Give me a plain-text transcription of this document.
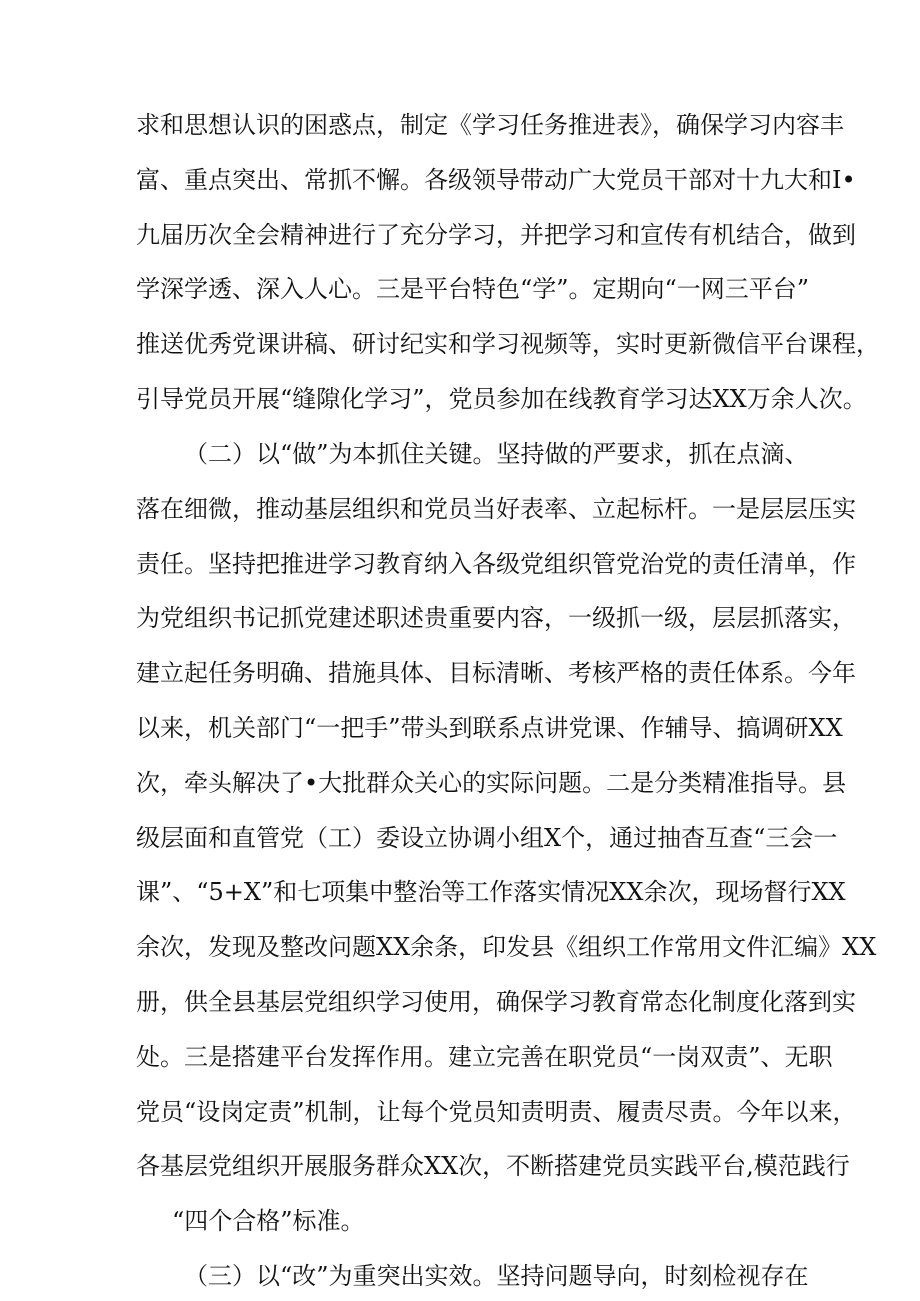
求和思想认识的困惑点，制定《学习任务推进表》，确保学习内容丰
富、重点突出、常抓不懈。各级领导带动广大党员干部对十九大和I•
九届历次全会精神进行了充分学习，并把学习和宣传有机结合，做到
学深学透、深入人心。三是平台特色“学”。定期向“一网三平台”
推送优秀党课讲稿、研讨纪实和学习视频等，实时更新微信平台课程，
引导党员开展“缝隙化学习”，党员参加在线教育学习达XX万余人次。
（二）以“做”为本抓住关键。坚持做的严要求，抓在点滴、
落在细微，推动基层组织和党员当好表率、立起标杆。一是层层压实
责任。坚持把推进学习教育纳入各级党组织管党治党的责任清单，作
为党组织书记抓党建述职述贵重要内容，一级抓一级，层层抓落实，
建立起任务明确、措施具体、目标清晰、考核严格的责任体系。今年
以来，机关部门“一把手”带头到联系点讲党课、作辅导、搞调研XX
次，牵头解决了•大批群众关心的实际问题。二是分类精准指导。县
级层面和直管党（工）委设立协调小组X个，通过抽杳互查“三会一
课”、“5+X”和七项集中整治等工作落实情况XX余次，现场督行XX
余次，发现及整改问题XX余条，印发县《组织工作常用文件汇编》XX
册，供全县基层党组织学习使用，确保学习教育常态化制度化落到实
处。三是搭建平台发挥作用。建立完善在职党员“一岗双责”、无职
党员“设岗定责”机制，让每个党员知责明责、履责尽责。今年以来，
各基层党组织开展服务群众XX次，不断搭建党员实践平台,模范践行
“四个合格”标准。
（三）以“改”为重突出实效。坚持问题导向，时刻检视存在
